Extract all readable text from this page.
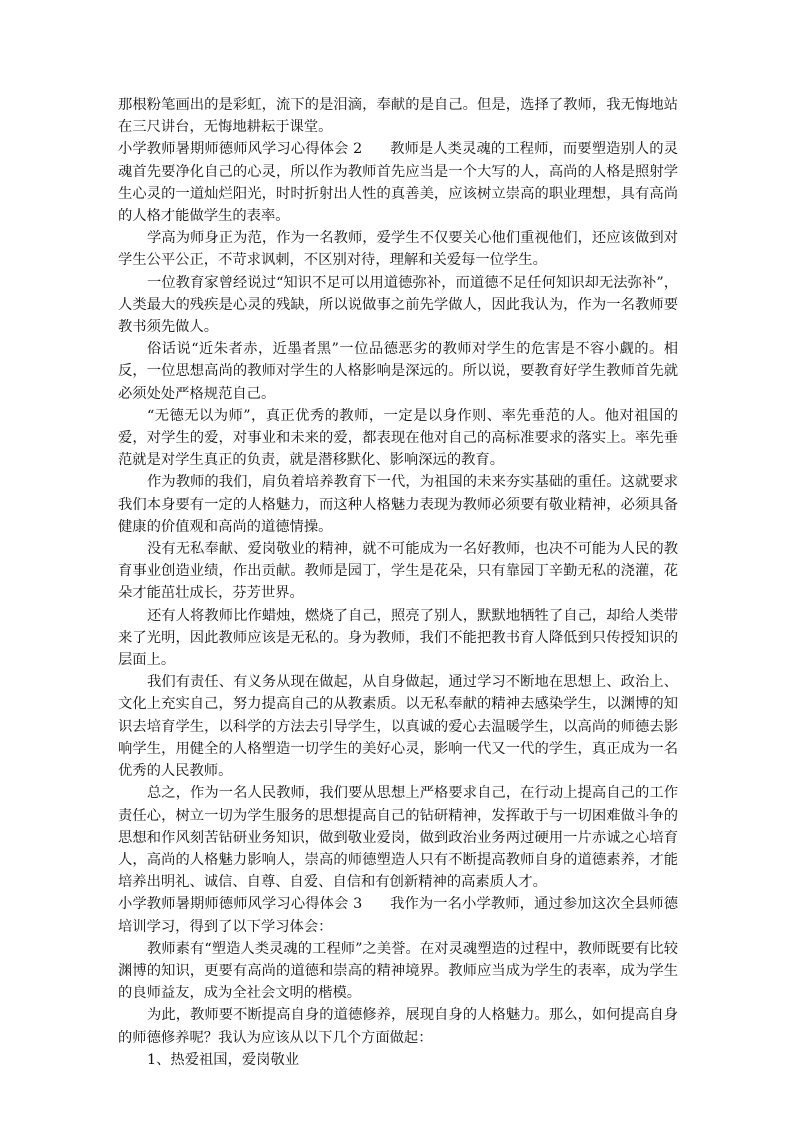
那根粉笔画出的是彩虹，流下的是泪滴，奉献的是自己。但是，选择了教师，我无悔地站在三尺讲台，无悔地耕耘于课堂。

小学教师暑期师德师风学习心得体会 2      教师是人类灵魂的工程师，而要塑造别人的灵魂首先要净化自己的心灵，所以作为教师首先应当是一个大写的人，高尚的人格是照射学生心灵的一道灿烂阳光，时时折射出人性的真善美，应该树立崇高的职业理想，具有高尚的人格才能做学生的表率。

学高为师身正为范，作为一名教师，爱学生不仅要关心他们重视他们，还应该做到对学生公平公正，不苛求讽刺，不区别对待，理解和关爱每一位学生。

一位教育家曾经说过“知识不足可以用道德弥补，而道德不足任何知识却无法弥补”，人类最大的残疾是心灵的残缺，所以说做事之前先学做人，因此我认为，作为一名教师要教书须先做人。

俗话说“近朱者赤，近墨者黑”一位品德恶劣的教师对学生的危害是不容小觑的。相反，一位思想高尚的教师对学生的人格影响是深远的。所以说，要教育好学生教师首先就必须处处严格规范自己。

“无德无以为师”，真正优秀的教师，一定是以身作则、率先垂范的人。他对祖国的爱，对学生的爱，对事业和未来的爱，都表现在他对自己的高标准要求的落实上。率先垂范就是对学生真正的负责，就是潜移默化、影响深远的教育。

作为教师的我们，肩负着培养教育下一代，为祖国的未来夯实基础的重任。这就要求我们本身要有一定的人格魅力，而这种人格魅力表现为教师必须要有敬业精神，必须具备健康的价值观和高尚的道德情操。

没有无私奉献、爱岗敬业的精神，就不可能成为一名好教师，也决不可能为人民的教育事业创造业绩，作出贡献。教师是园丁，学生是花朵，只有靠园丁辛勤无私的浇灌，花朵才能茁壮成长，芬芳世界。

还有人将教师比作蜡烛，燃烧了自己，照亮了别人，默默地牺牲了自己，却给人类带来了光明，因此教师应该是无私的。身为教师，我们不能把教书育人降低到只传授知识的层面上。

我们有责任、有义务从现在做起，从自身做起，通过学习不断地在思想上、政治上、文化上充实自己，努力提高自己的从教素质。以无私奉献的精神去感染学生，以渊博的知识去培育学生，以科学的方法去引导学生，以真诚的爱心去温暖学生，以高尚的师德去影响学生，用健全的人格塑造一切学生的美好心灵，影响一代又一代的学生，真正成为一名优秀的人民教师。

总之，作为一名人民教师，我们要从思想上严格要求自己，在行动上提高自己的工作责任心，树立一切为学生服务的思想提高自己的钻研精神，发挥敢于与一切困难做斗争的思想和作风刻苦钻研业务知识，做到敬业爱岗，做到政治业务两过硬用一片赤诚之心培育人，高尚的人格魅力影响人，崇高的师德塑造人只有不断提高教师自身的道德素养，才能培养出明礼、诚信、自尊、自爱、自信和有创新精神的高素质人才。

小学教师暑期师德师风学习心得体会 3      我作为一名小学教师，通过参加这次全县师德培训学习，得到了以下学习体会：

教师素有“塑造人类灵魂的工程师”之美誉。在对灵魂塑造的过程中，教师既要有比较渊博的知识，更要有高尚的道德和崇高的精神境界。教师应当成为学生的表率，成为学生的良师益友，成为全社会文明的楷模。

为此，教师要不断提高自身的道德修养，展现自身的人格魅力。那么，如何提高自身的师德修养呢？我认为应该从以下几个方面做起：

1、热爱祖国，爱岗敬业
